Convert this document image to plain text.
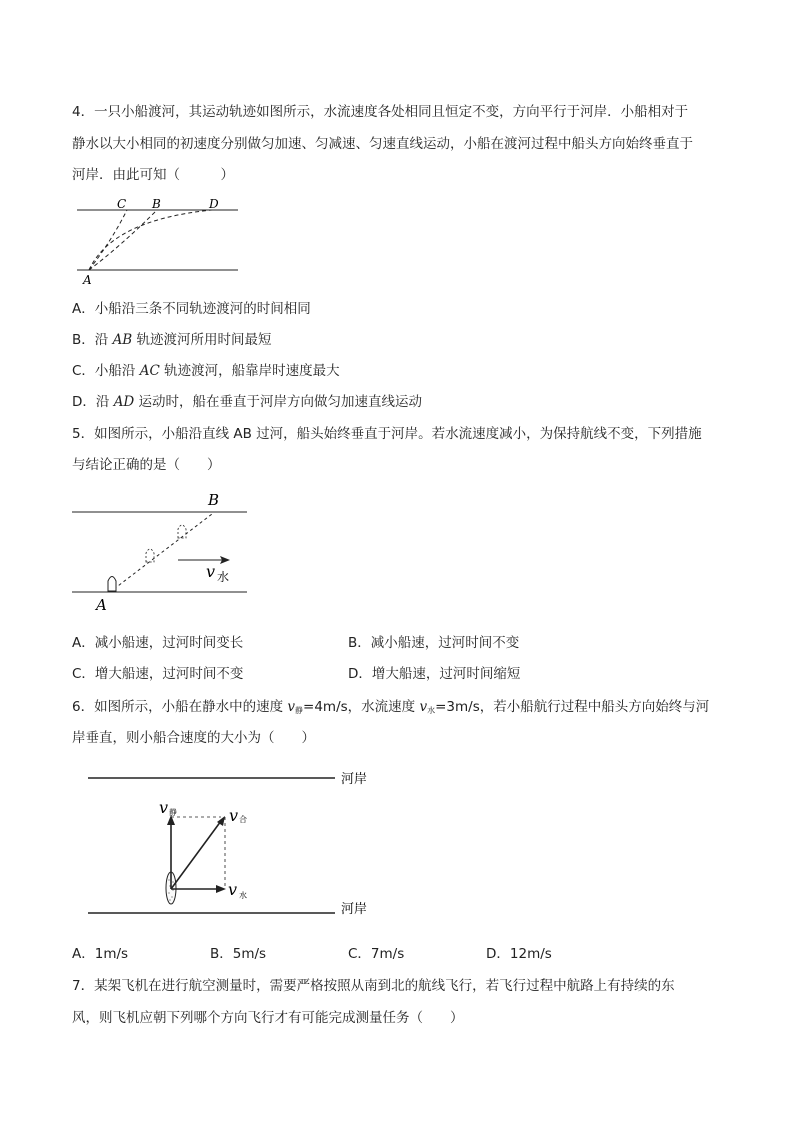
4．一只小船渡河，其运动轨迹如图所示，水流速度各处相同且恒定不变，方向平行于河岸．小船相对于
静水以大小相同的初速度分别做匀加速、匀减速、匀速直线运动，小船在渡河过程中船头方向始终垂直于
河岸．由此可知（　　　）
C B	D
A
A．小船沿三条不同轨迹渡河的时间相同
B．沿 AB 轨迹渡河所用时间最短
C．小船沿 AC 轨迹渡河，船靠岸时速度最大
D．沿 AD 运动时，船在垂直于河岸方向做匀加速直线运动
5．如图所示，小船沿直线 AB 过河，船头始终垂直于河岸。若水流速度减小，为保持航线不变，下列措施
与结论正确的是（　　）
B
A
v 水
A．减小船速，过河时间变长	B．减小船速，过河时间不变
C．增大船速，过河时间不变	D．增大船速，过河时间缩短
6．如图所示，小船在静水中的速度 $v_静=4m/s$，水流速度 $v_水=3m/s$，若小船航行过程中船头方向始终与河
岸垂直，则小船合速度的大小为（　　）
河岸
河岸
v 静	v 合
v 水
A．1m/s	B．5m/s	C．7m/s	D．12m/s
7．某架飞机在进行航空测量时，需要严格按照从南到北的航线飞行，若飞行过程中航路上有持续的东
风，则飞机应朝下列哪个方向飞行才有可能完成测量任务（　　）
